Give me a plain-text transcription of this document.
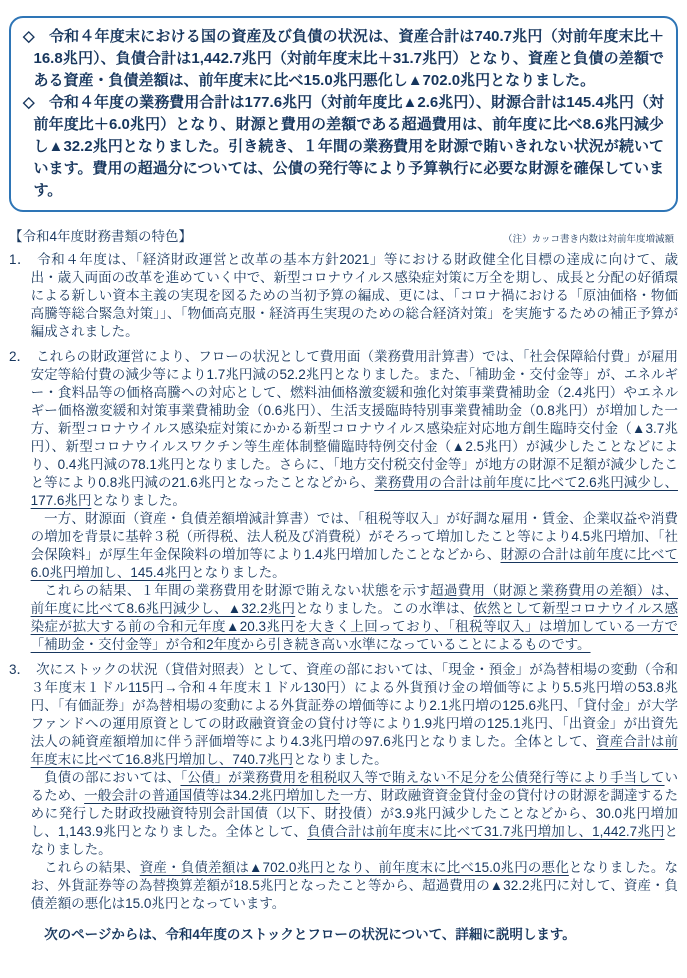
◇ 令和４年度末における国の資産及び負債の状況は、資産合計は740.7兆円（対前年度末比＋16.8兆円）、負債合計は1,442.7兆円（対前年度末比＋31.7兆円）となり、資産と負債の差額である資産・負債差額は、前年度末に比べ15.0兆円悪化し▲702.0兆円となりました。
◇ 令和４年度の業務費用合計は177.6兆円（対前年度比▲2.6兆円）、財源合計は145.4兆円（対前年度比＋6.0兆円）となり、財源と費用の差額である超過費用は、前年度に比べ8.6兆円減少し▲32.2兆円となりました。引き続き、１年間の業務費用を財源で賄いきれない状況が続いています。費用の超過分については、公債の発行等により予算執行に必要な財源を確保しています。
【令和4年度財務書類の特色】	（注）カッコ書き内数は対前年度増減額
1． 令和４年度は、「経済財政運営と改革の基本方針2021」等における財政健全化目標の達成に向けて、歳出・歳入両面の改革を進めていく中で、新型コロナウイルス感染症対策に万全を期し、成長と分配の好循環による新しい資本主義の実現を図るための当初予算の編成、更には、「コロナ禍における「原油価格・物価高騰等総合緊急対策」」、「物価高克服・経済再生実現のための総合経済対策」を実施するための補正予算が編成されました。
2． これらの財政運営により、フローの状況として費用面（業務費用計算書）では、「社会保障給付費」が雇用安定等給付費の減少等により1.7兆円減の52.2兆円となりました。また、「補助金・交付金等」が、エネルギー・食料品等の価格高騰への対応として、燃料油価格激変緩和強化対策事業費補助金（2.4兆円）やエネルギー価格激変緩和対策事業費補助金（0.6兆円）、生活支援臨時特別事業費補助金（0.8兆円）が増加した一方、新型コロナウイルス感染症対策にかかる新型コロナウイルス感染症対応地方創生臨時交付金（▲3.7兆円）、新型コロナウイルスワクチン等生産体制整備臨時特例交付金（▲2.5兆円）が減少したことなどにより、0.4兆円減の78.1兆円となりました。さらに、「地方交付税交付金等」が地方の財源不足額が減少したこと等により0.8兆円減の21.6兆円となったことなどから、業務費用の合計は前年度に比べて2.6兆円減少し、177.6兆円となりました。
一方、財源面（資産・負債差額増減計算書）では、「租税等収入」が好調な雇用・賃金、企業収益や消費の増加を背景に基幹３税（所得税、法人税及び消費税）がそろって増加したこと等により4.5兆円増加、「社会保険料」が厚生年金保険料の増加等により1.4兆円増加したことなどから、財源の合計は前年度に比べて6.0兆円増加し、145.4兆円となりました。
これらの結果、１年間の業務費用を財源で賄えない状態を示す超過費用（財源と業務費用の差額）は、前年度に比べて8.6兆円減少し、▲32.2兆円となりました。この水準は、依然として新型コロナウイルス感染症が拡大する前の令和元年度▲20.3兆円を大きく上回っており、「租税等収入」は増加している一方で「補助金・交付金等」が令和2年度から引き続き高い水準になっていることによるものです。
3． 次にストックの状況（貸借対照表）として、資産の部においては、「現金・預金」が為替相場の変動（令和３年度末１ドル115円→令和４年度末１ドル130円）による外貨預け金の増価等により5.5兆円増の53.8兆円、「有価証券」が為替相場の変動による外貨証券の増価等により2.1兆円増の125.6兆円、「貸付金」が大学ファンドへの運用原資としての財政融資資金の貸付け等により1.9兆円増の125.1兆円、「出資金」が出資先法人の純資産額増加に伴う評価増等により4.3兆円増の97.6兆円となりました。全体として、資産合計は前年度末に比べて16.8兆円増加し、740.7兆円となりました。
負債の部においては、「公債」が業務費用を租税収入等で賄えない不足分を公債発行等により手当しているため、一般会計の普通国債等は34.2兆円増加した一方、財政融資資金貸付金の貸付けの財源を調達するために発行した財政投融資特別会計国債（以下、財投債）が3.9兆円減少したことなどから、30.0兆円増加し、1,143.9兆円となりました。全体として、負債合計は前年度末に比べて31.7兆円増加し、1,442.7兆円となりました。
これらの結果、資産・負債差額は▲702.0兆円となり、前年度末に比べ15.0兆円の悪化となりました。なお、外貨証券等の為替換算差額が18.5兆円となったこと等から、超過費用の▲32.2兆円に対して、資産・負債差額の悪化は15.0兆円となっています。
次のページからは、令和4年度のストックとフローの状況について、詳細に説明します。
